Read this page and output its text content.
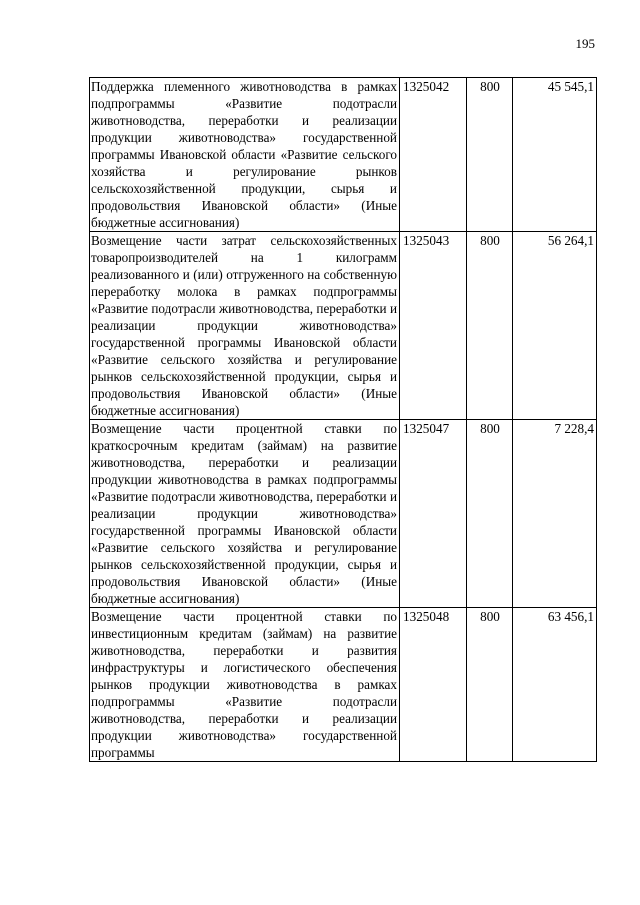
195
Поддержка племенного животноводства в рамках подпрограммы «Развитие подотрасли животноводства, переработки и реализации продукции животноводства» государственной программы Ивановской области «Развитие сельского хозяйства и регулирование рынков сельскохозяйственной продукции, сырья и продовольствия Ивановской области» (Иные бюджетные ассигнования)	1325042	800	45 545,1
Возмещение части затрат сельскохозяйственных товаропроизводителей на 1 килограмм реализованного и (или) отгруженного на собственную переработку молока в рамках подпрограммы «Развитие подотрасли животноводства, переработки и реализации продукции животноводства» государственной программы Ивановской области «Развитие сельского хозяйства и регулирование рынков сельскохозяйственной продукции, сырья и продовольствия Ивановской области» (Иные бюджетные ассигнования)	1325043	800	56 264,1
Возмещение части процентной ставки по краткосрочным кредитам (займам) на развитие животноводства, переработки и реализации продукции животноводства в рамках подпрограммы «Развитие подотрасли животноводства, переработки и реализации продукции животноводства» государственной программы Ивановской области «Развитие сельского хозяйства и регулирование рынков сельскохозяйственной продукции, сырья и продовольствия Ивановской области» (Иные бюджетные ассигнования)	1325047	800	7 228,4
Возмещение части процентной ставки по инвестиционным кредитам (займам) на развитие животноводства, переработки и развития инфраструктуры и логистического обеспечения рынков продукции животноводства в рамках подпрограммы «Развитие подотрасли животноводства, переработки и реализации продукции животноводства» государственной программы	1325048	800	63 456,1
